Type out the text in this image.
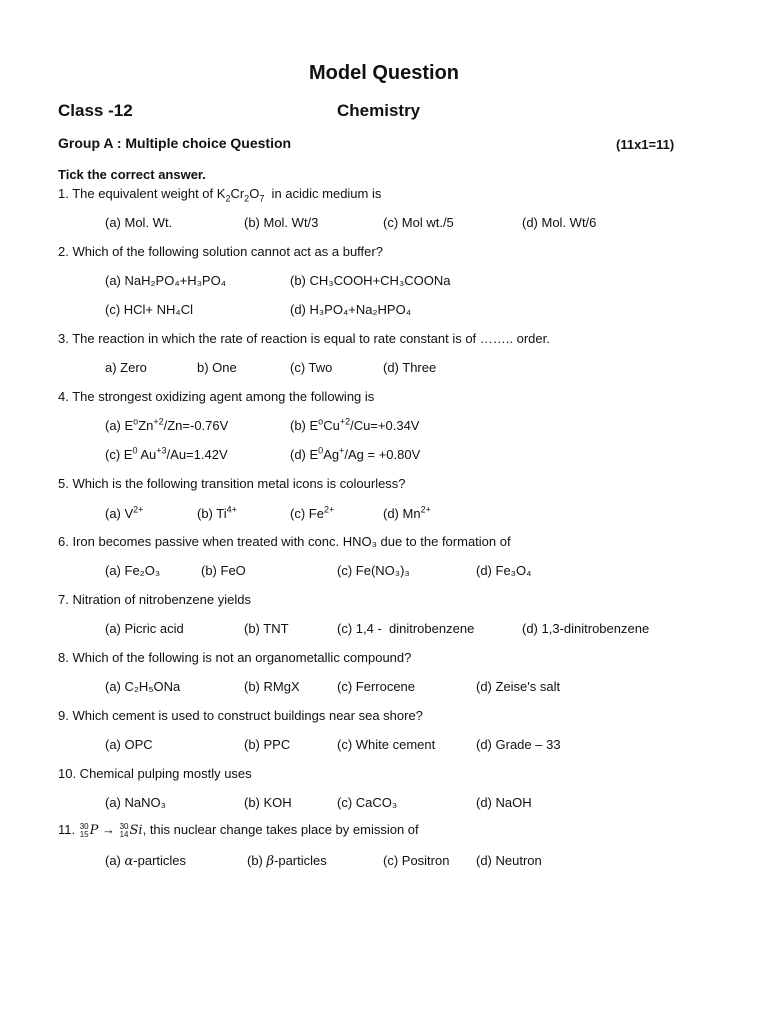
Model Question
Class -12	Chemistry
Group A : Multiple choice Question	(11x1=11)
Tick the correct answer.
1. The equivalent weight of $K_2Cr_2O_7$  in acidic medium is
(a) Mol. Wt.	(b) Mol. Wt/3	(c) Mol wt./5	(d) Mol. Wt/6
2. Which of the following solution cannot act as a buffer?
(a) NaH₂PO₄+H₃PO₄	(b) CH₃COOH+CH₃COONa
(c) HCl+ NH₄Cl	(d) H₃PO₄+Na₂HPO₄
3. The reaction in which the rate of reaction is equal to rate constant is of …….. order.
a) Zero	b) One	(c) Two	(d) Three
4. The strongest oxidizing agent among the following is
(a) $E^oZn^{+2}/Zn=-0.76V$	(b) $E^oCu^{+2}/Cu=+0.34V$
(c) $E^0$ $Au^{+3}/Au=1.42V$	(d) $E^0Ag^+/Ag = +0.80V$
5. Which is the following transition metal icons is colourless?
(a) $V^{2+}$	(b) $Ti^{4+}$	(c) $Fe^{2+}$	(d) $Mn^{2+}$
6. Iron becomes passive when treated with conc. HNO₃ due to the formation of
(a) Fe₂O₃	(b) FeO	(c) Fe(NO₃)₃	(d) Fe₃O₄
7. Nitration of nitrobenzene yields
(a) Picric acid	(b) TNT	(c) 1,4 -  dinitrobenzene	(d) 1,3-dinitrobenzene
8. Which of the following is not an organometallic compound?
(a) C₂H₅ONa	(b) RMgX	(c) Ferrocene	(d) Zeise's salt
9. Which cement is used to construct buildings near sea shore?
(a) OPC	(b) PPC	(c) White cement	(d) Grade – 33
10. Chemical pulping mostly uses
(a) NaNO₃	(b) KOH	(c) CaCO₃	(d) NaOH
11. 30
15 P → 30
14 Si, this nuclear change takes place by emission of
(a) α-particles	(b) β-particles	(c) Positron (d) Neutron
